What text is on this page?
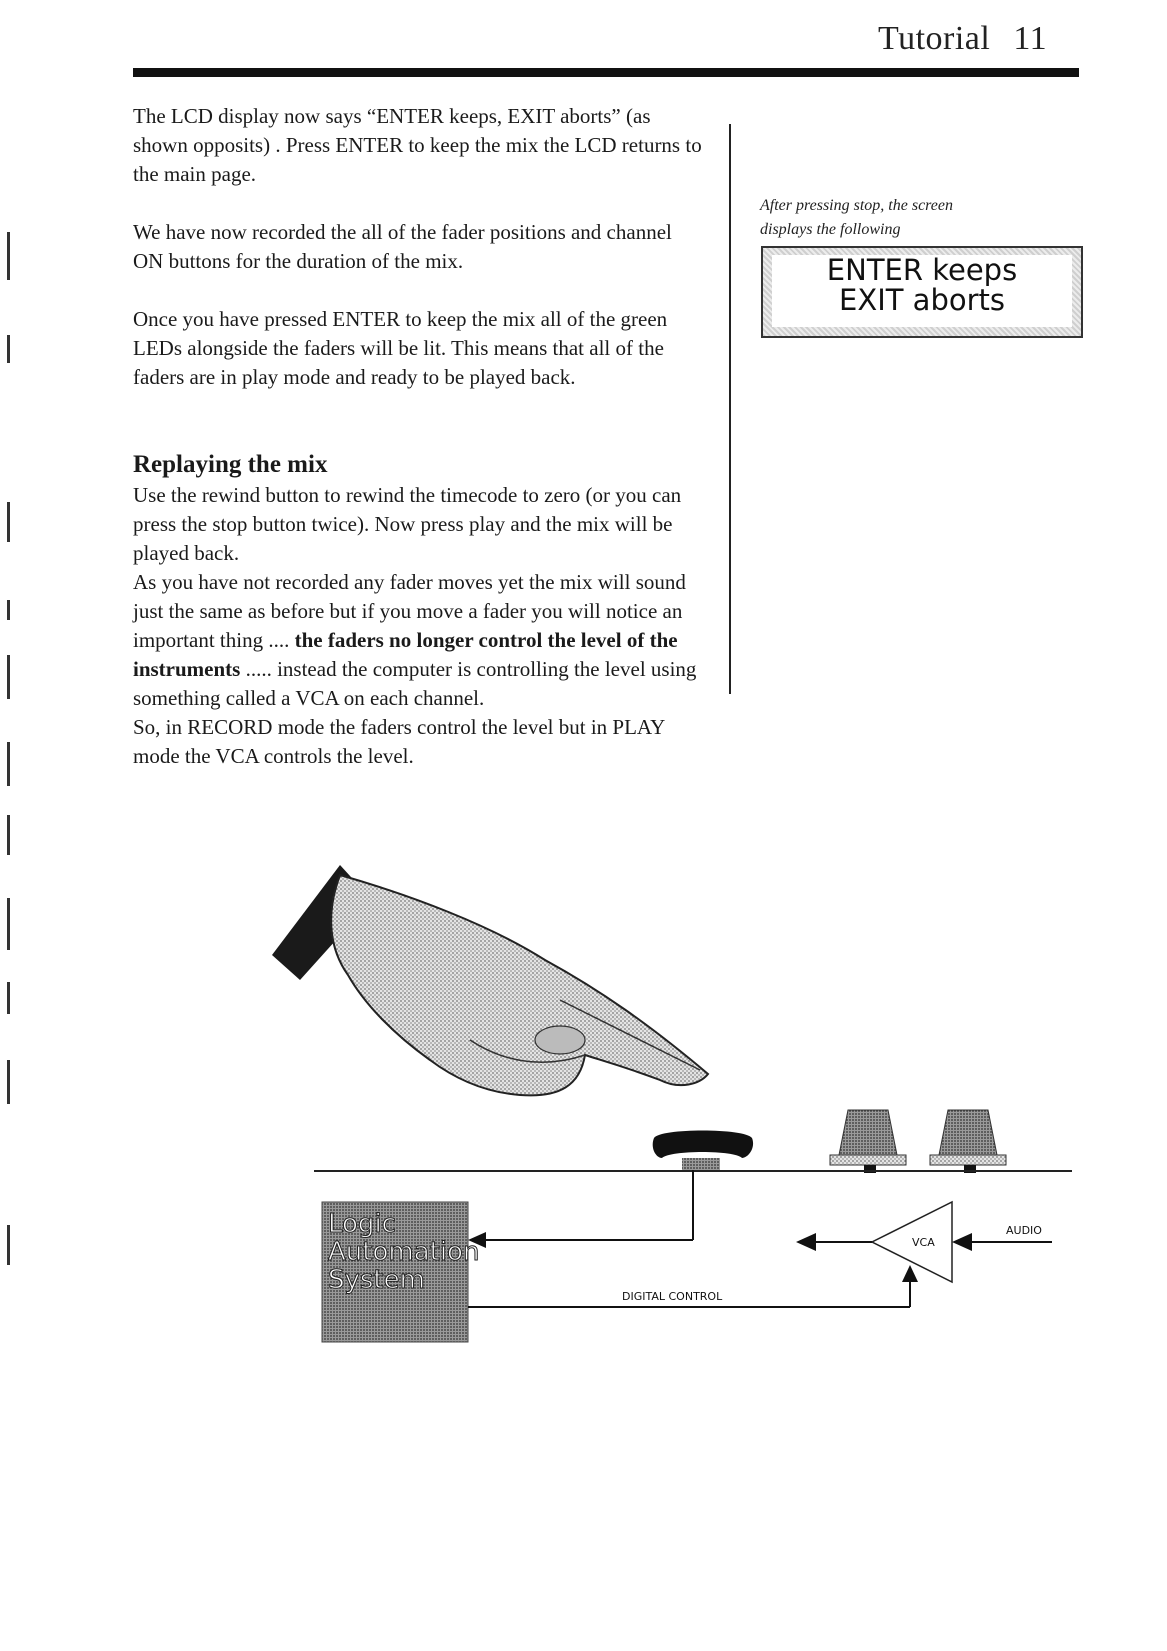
Tutorial 11

The LCD display now says “ENTER keeps, EXIT aborts” (as shown opposits) . Press ENTER to keep the mix the LCD returns to the main page.

We have now recorded the all of the fader positions and channel ON buttons for the duration of the mix.

Once you have pressed ENTER to keep the mix all of the green LEDs alongside the faders will be lit. This means that all of the faders are in play mode and ready to be played back.

Replaying the mix

Use the rewind button to rewind the timecode to zero (or you can press the stop button twice). Now press play and the mix will be played back.

As you have not recorded any fader moves yet the mix will sound just the same as before but if you move a fader you will notice an important thing .... the faders no longer control the level of the instruments ..... instead the computer is controlling the level using something called a VCA on each channel.

So, in RECORD mode the faders control the level but in PLAY mode the VCA controls the level.

After pressing stop, the screen
displays the following
ENTER keeps
EXIT aborts
Logic
Automation
System
VCA
AUDIO
DIGITAL CONTROL
